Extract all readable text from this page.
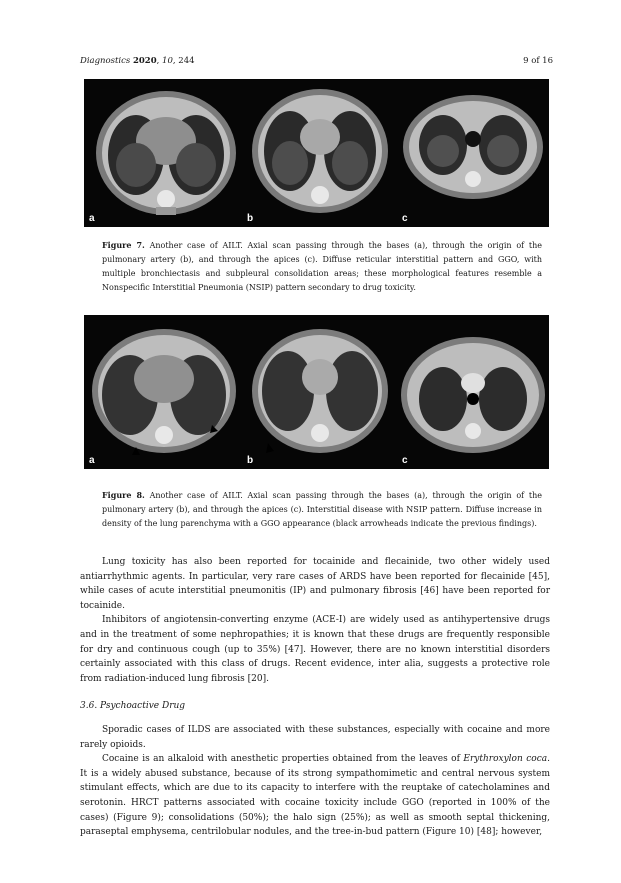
Diagnostics 2020, 10, 244	9 of 16
a	b	c
Figure 7. Another case of AILT. Axial scan passing through the bases (a), through the origin of the pulmonary artery (b), and through the apices (c). Diffuse reticular interstitial pattern and GGO, with multiple bronchiectasis and subpleural consolidation areas; these morphological features resemble a Nonspecific Interstitial Pneumonia (NSIP) pattern secondary to drug toxicity.
a	b	c
Figure 8. Another case of AILT. Axial scan passing through the bases (a), through the origin of the pulmonary artery (b), and through the apices (c). Interstitial disease with NSIP pattern. Diffuse increase in density of the lung parenchyma with a GGO appearance (black arrowheads indicate the previous findings).

Lung toxicity has also been reported for tocainide and flecainide, two other widely used antiarrhythmic agents. In particular, very rare cases of ARDS have been reported for flecainide [45], while cases of acute interstitial pneumonitis (IP) and pulmonary fibrosis [46] have been reported for tocainide.

Inhibitors of angiotensin-converting enzyme (ACE-I) are widely used as antihypertensive drugs and in the treatment of some nephropathies; it is known that these drugs are frequently responsible for dry and continuous cough (up to 35%) [47]. However, there are no known interstitial disorders certainly associated with this class of drugs. Recent evidence, inter alia, suggests a protective role from radiation-induced lung fibrosis [20].

3.6. Psychoactive Drug

Sporadic cases of ILDS are associated with these substances, especially with cocaine and more rarely opioids.

Cocaine is an alkaloid with anesthetic properties obtained from the leaves of Erythroxylon coca. It is a widely abused substance, because of its strong sympathomimetic and central nervous system stimulant effects, which are due to its capacity to interfere with the reuptake of catecholamines and serotonin. HRCT patterns associated with cocaine toxicity include GGO (reported in 100% of the cases) (Figure 9); consolidations (50%); the halo sign (25%); as well as smooth septal thickening, paraseptal emphysema, centrilobular nodules, and the tree-in-bud pattern (Figure 10) [48]; however,
